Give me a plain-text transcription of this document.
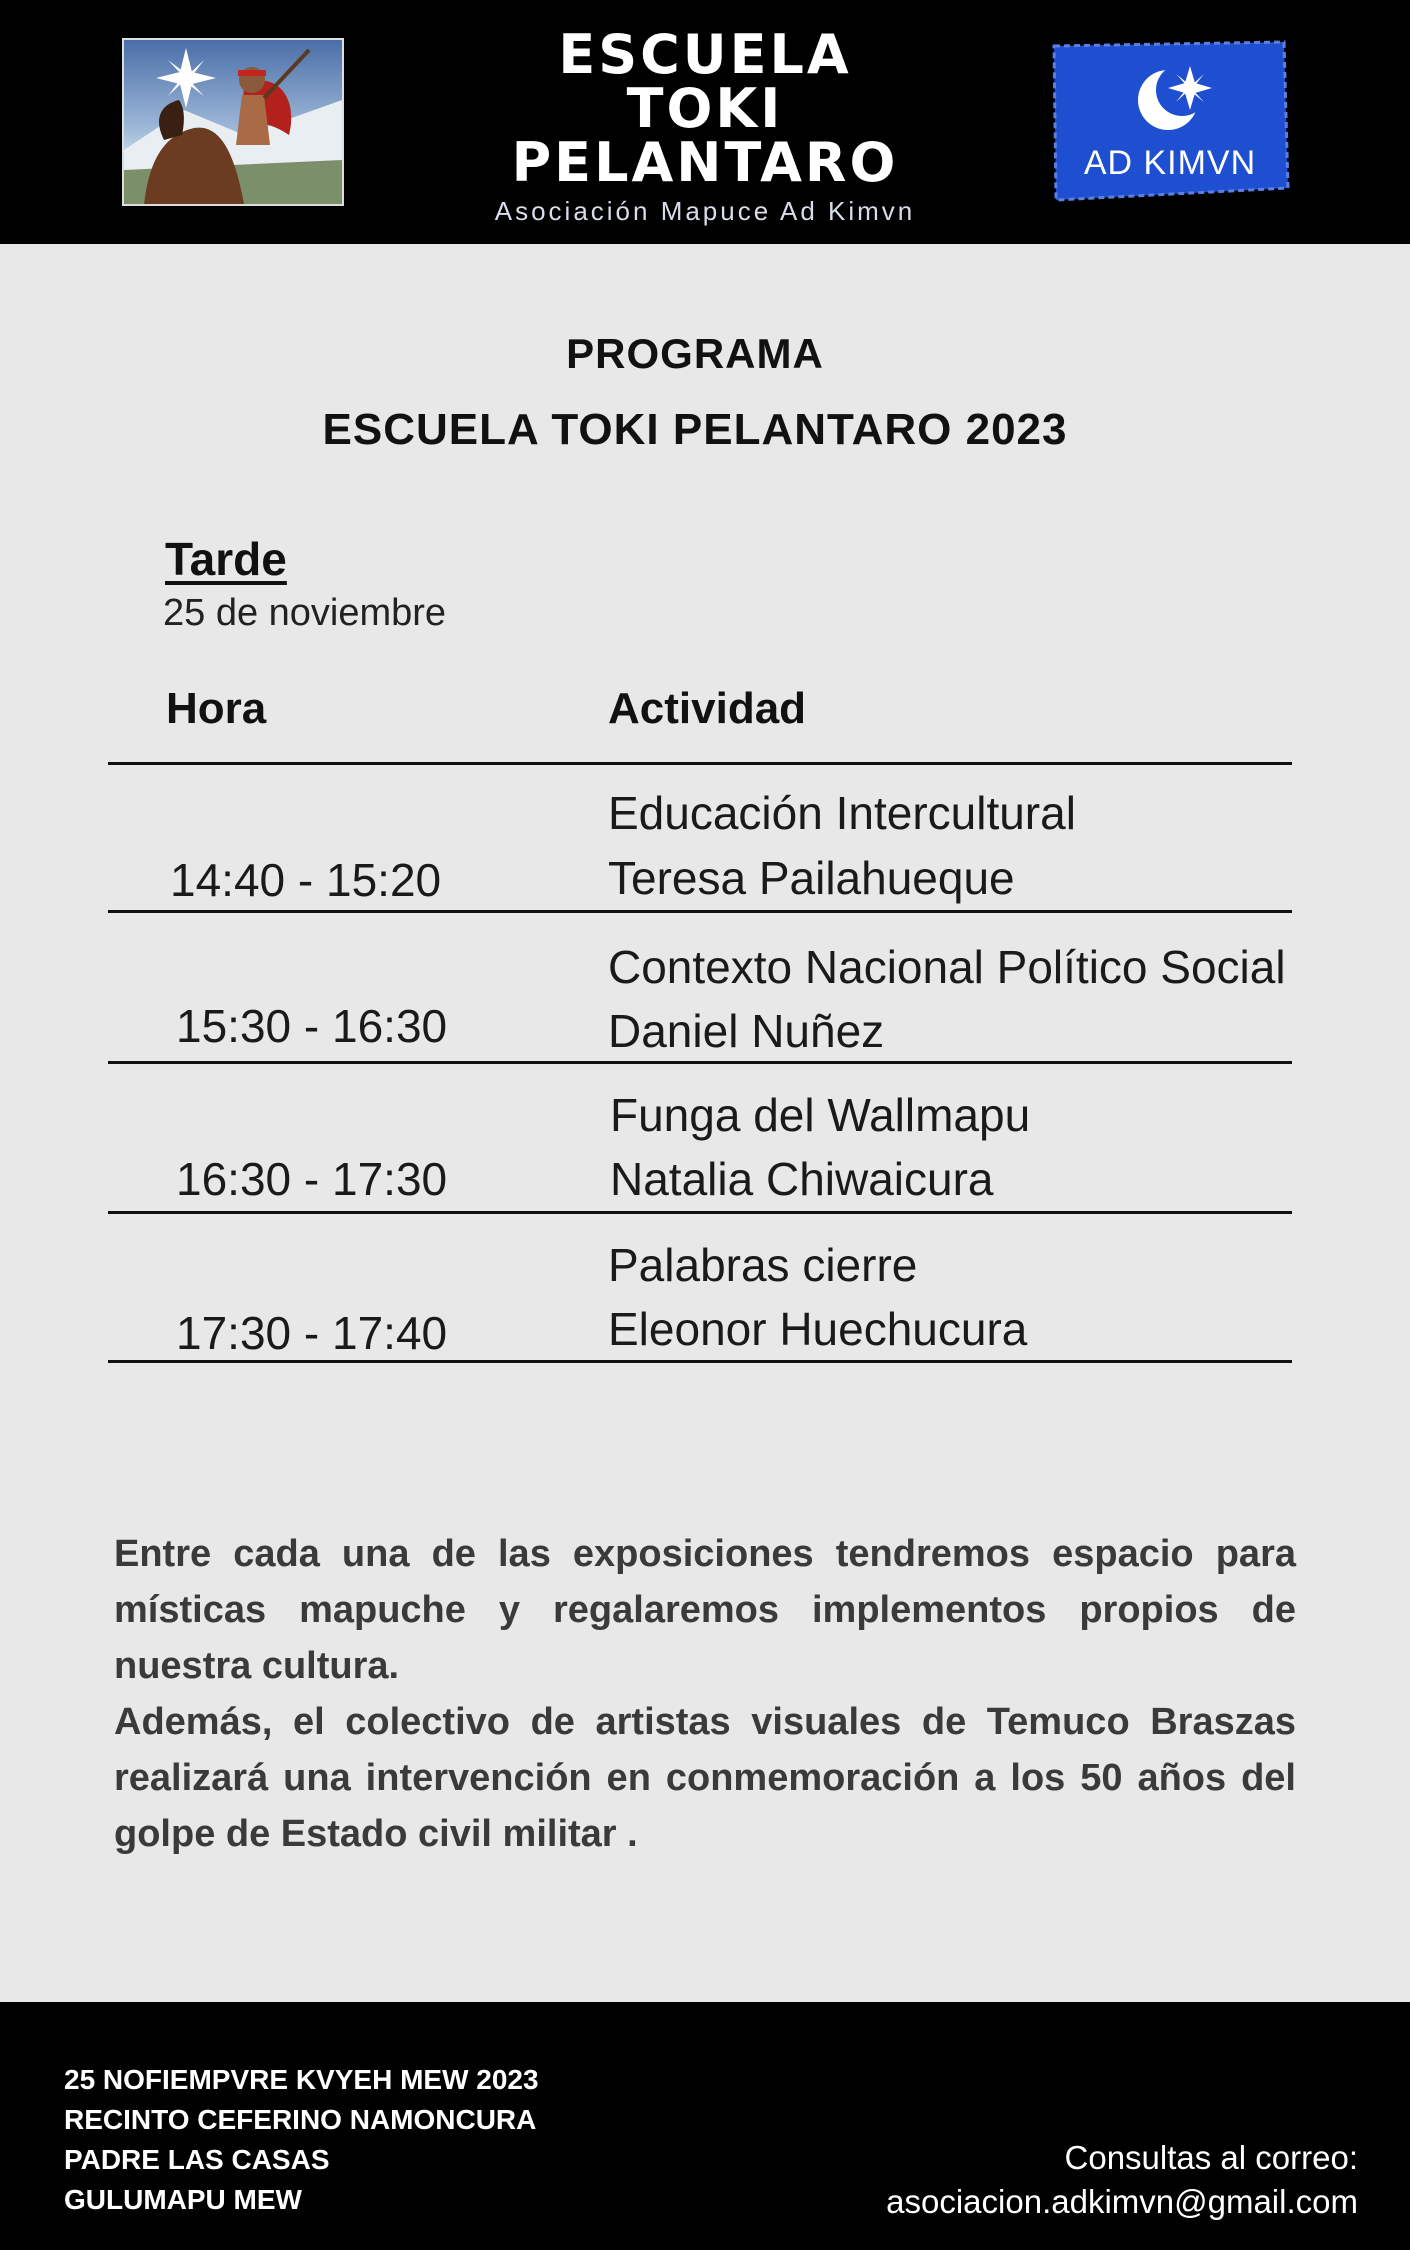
ESCUELA
TOKI
PELANTARO
Asociación Mapuce Ad Kimvn
AD KIMVN
PROGRAMA
ESCUELA TOKI PELANTARO 2023
Tarde
25 de noviembre
Hora	Actividad
Educación Intercultural
Teresa Pailahueque
14:40 - 15:20
Contexto Nacional Político Social
Daniel Nuñez
15:30 - 16:30
Funga del Wallmapu
Natalia Chiwaicura
16:30 - 17:30
Palabras cierre
Eleonor Huechucura
17:30 - 17:40

Entre cada una de las exposiciones tendremos espacio para místicas mapuche y regalaremos implementos propios de nuestra cultura.

Además, el colectivo de artistas visuales de Temuco Braszas realizará una intervención en conmemoración a los 50 años del golpe de Estado civil militar .

25 NOFIEMPVRE KVYEH MEW 2023
RECINTO CEFERINO NAMONCURA
PADRE LAS CASAS
GULUMAPU MEW
Consultas al correo:
asociacion.adkimvn@gmail.com
